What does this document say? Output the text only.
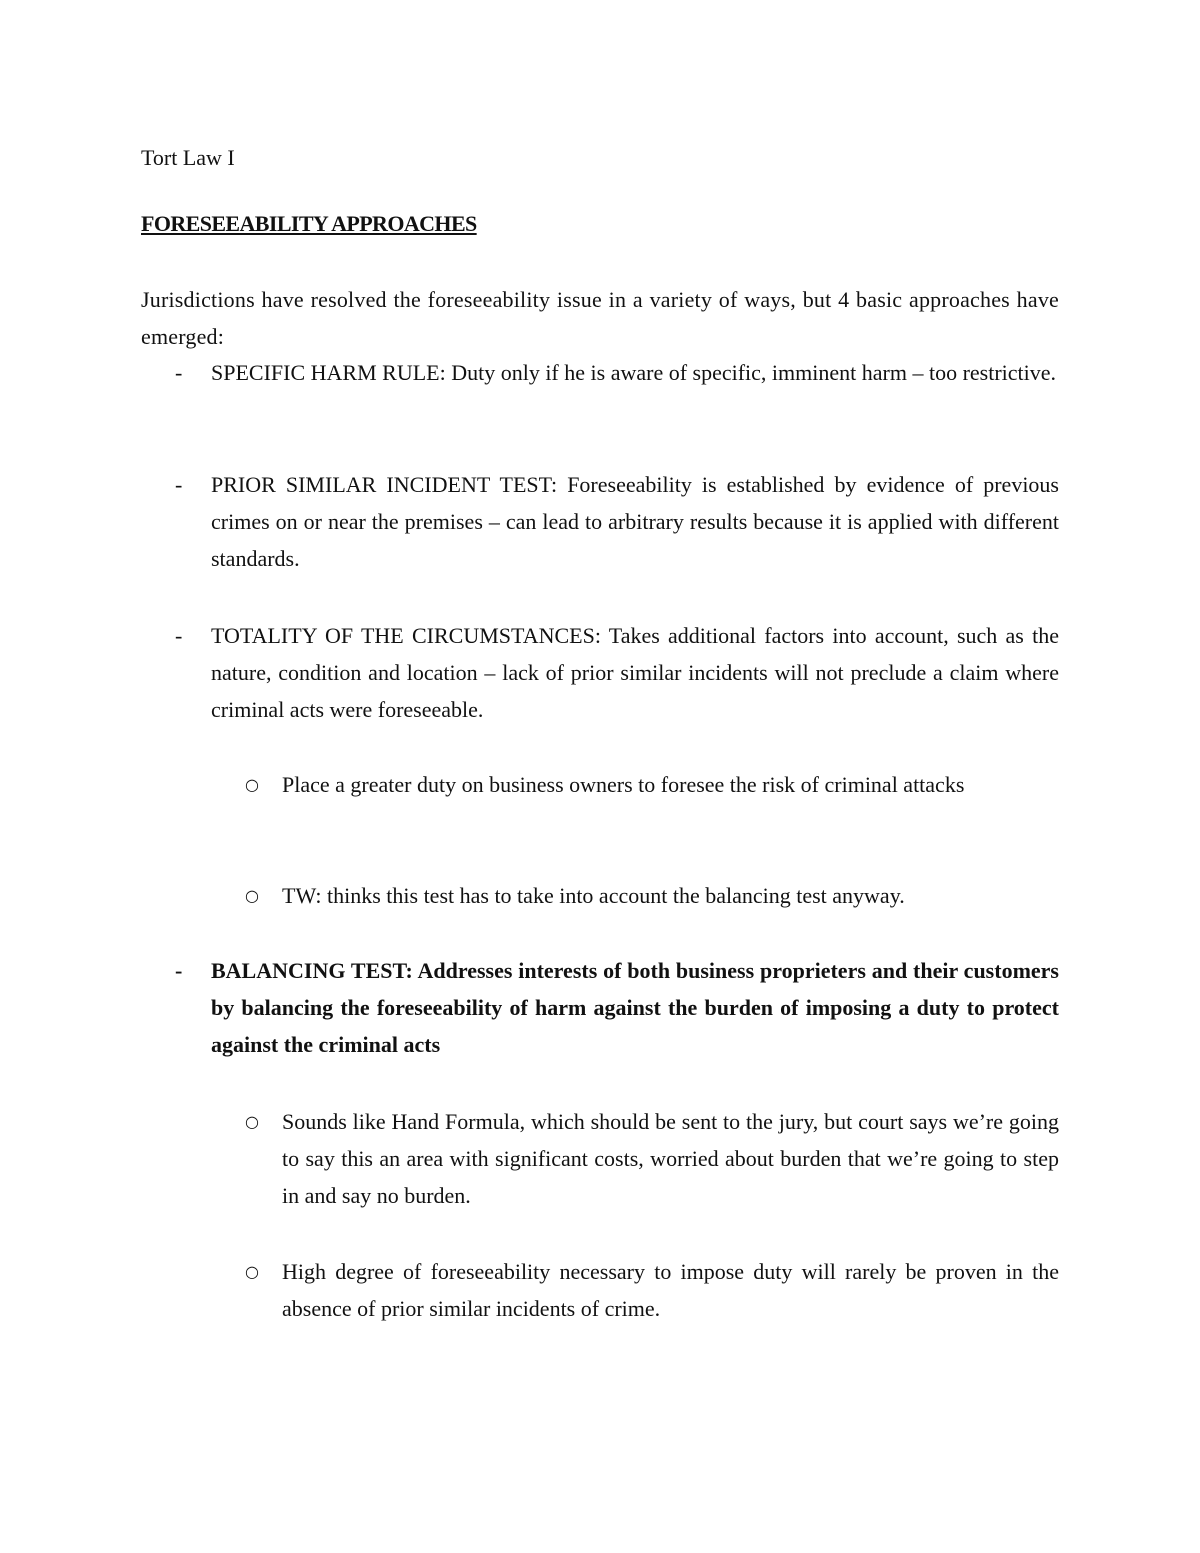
Tort Law I
FORESEEABILITY APPROACHES
Jurisdictions have resolved the foreseeability issue in a variety of ways, but 4 basic approaches have emerged:
-	SPECIFIC HARM RULE: Duty only if he is aware of specific, imminent harm – too restrictive.
-	PRIOR SIMILAR INCIDENT TEST: Foreseeability is established by evidence of previous crimes on or near the premises – can lead to arbitrary results because it is applied with different standards.
-	TOTALITY OF THE CIRCUMSTANCES: Takes additional factors into account, such as the nature, condition and location – lack of prior similar incidents will not preclude a claim where criminal acts were foreseeable.
○ Place a greater duty on business owners to foresee the risk of criminal attacks
○ TW: thinks this test has to take into account the balancing test anyway.
-	BALANCING TEST: Addresses interests of both business proprieters and their customers by balancing the foreseeability of harm against the burden of imposing a duty to protect against the criminal acts
○ Sounds like Hand Formula, which should be sent to the jury, but court says we’re going to say this an area with significant costs, worried about burden that we’re going to step in and say no burden.
○ High degree of foreseeability necessary to impose duty will rarely be proven in the absence of prior similar incidents of crime.
